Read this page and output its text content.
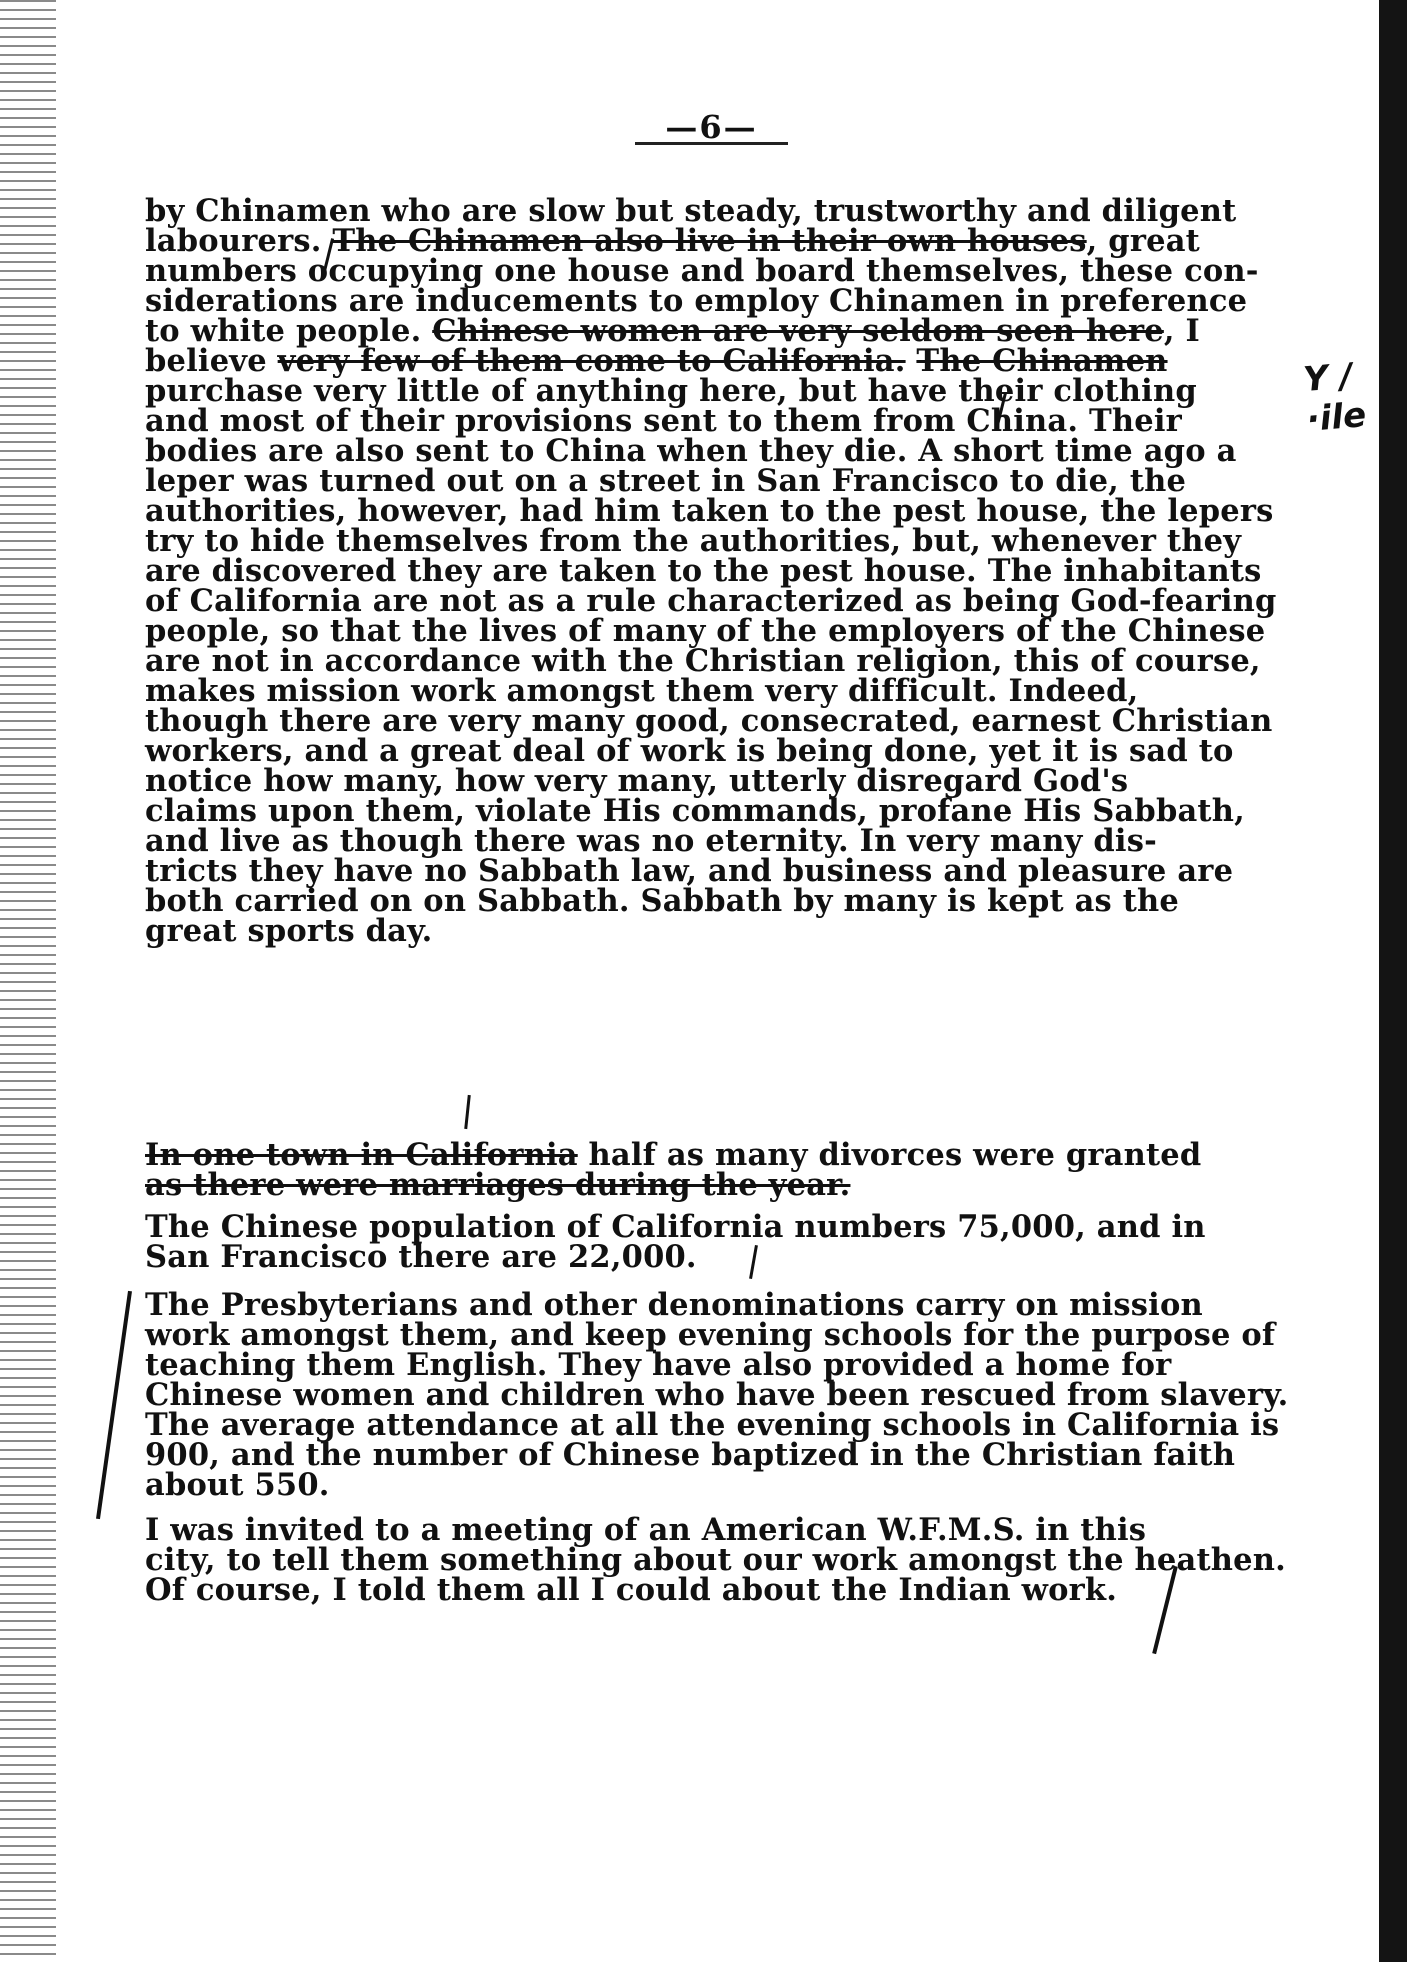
—6—
Y / ·ile
by Chinamen who are slow but steady, trustworthy and diligent
labourers. The Chinamen also live in their own houses, great
numbers occupying one house and board themselves, these con-
siderations are inducements to employ Chinamen in preference
to white people. Chinese women are very seldom seen here, I
believe very few of them come to California. The Chinamen
purchase very little of anything here, but have their clothing
and most of their provisions sent to them from China. Their
bodies are also sent to China when they die. A short time ago a
leper was turned out on a street in San Francisco to die, the
authorities, however, had him taken to the pest house, the lepers
try to hide themselves from the authorities, but, whenever they
are discovered they are taken to the pest house. The inhabitants
of California are not as a rule characterized as being God-fearing
people, so that the lives of many of the employers of the Chinese
are not in accordance with the Christian religion, this of course,
makes mission work amongst them very difficult. Indeed,
though there are very many good, consecrated, earnest Christian
workers, and a great deal of work is being done, yet it is sad to
notice how many, how very many, utterly disregard God's
claims upon them, violate His commands, profane His Sabbath,
and live as though there was no eternity. In very many dis-
tricts they have no Sabbath law, and business and pleasure are
both carried on on Sabbath. Sabbath by many is kept as the
great sports day.
In one town in California half as many divorces were granted
as there were marriages during the year.
The Chinese population of California numbers 75,000, and in
San Francisco there are 22,000.
The Presbyterians and other denominations carry on mission
work amongst them, and keep evening schools for the purpose of
teaching them English. They have also provided a home for
Chinese women and children who have been rescued from slavery.
The average attendance at all the evening schools in California is
900, and the number of Chinese baptized in the Christian faith
about 550.
I was invited to a meeting of an American W.F.M.S. in this
city, to tell them something about our work amongst the heathen.
Of course, I told them all I could about the Indian work.
